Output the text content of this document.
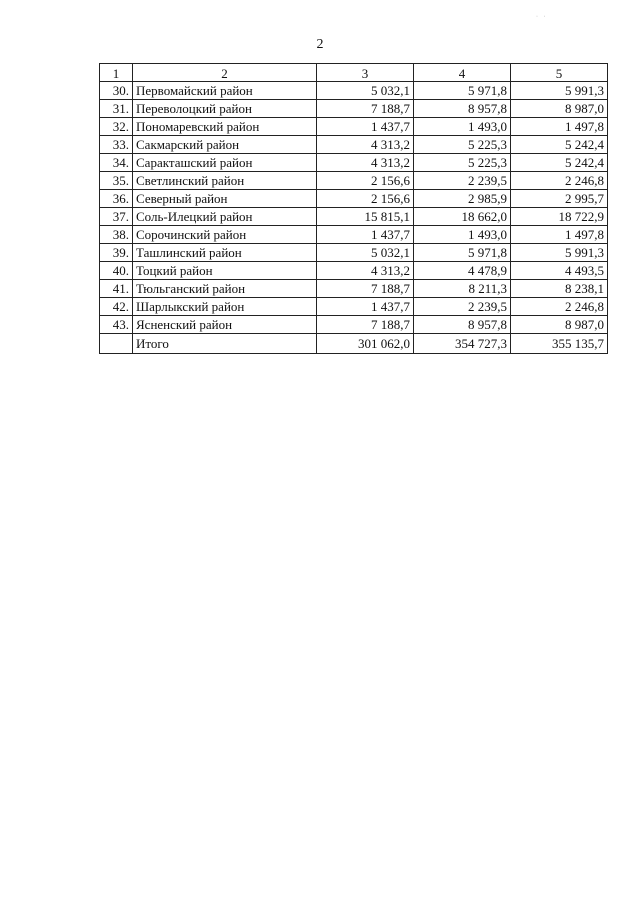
· ·
2
1	2	3	4	5
30.	Первомайский район	5 032,1	5 971,8	5 991,3
31.	Переволоцкий район	7 188,7	8 957,8	8 987,0
32.	Пономаревский район	1 437,7	1 493,0	1 497,8
33.	Сакмарский район	4 313,2	5 225,3	5 242,4
34.	Саракташский район	4 313,2	5 225,3	5 242,4
35.	Светлинский район	2 156,6	2 239,5	2 246,8
36.	Северный район	2 156,6	2 985,9	2 995,7
37.	Соль-Илецкий район	15 815,1	18 662,0	18 722,9
38.	Сорочинский район	1 437,7	1 493,0	1 497,8
39.	Ташлинский район	5 032,1	5 971,8	5 991,3
40.	Тоцкий район	4 313,2	4 478,9	4 493,5
41.	Тюльганский район	7 188,7	8 211,3	8 238,1
42.	Шарлыкский район	1 437,7	2 239,5	2 246,8
43.	Ясненский район	7 188,7	8 957,8	8 987,0
	Итого	301 062,0	354 727,3	355 135,7
